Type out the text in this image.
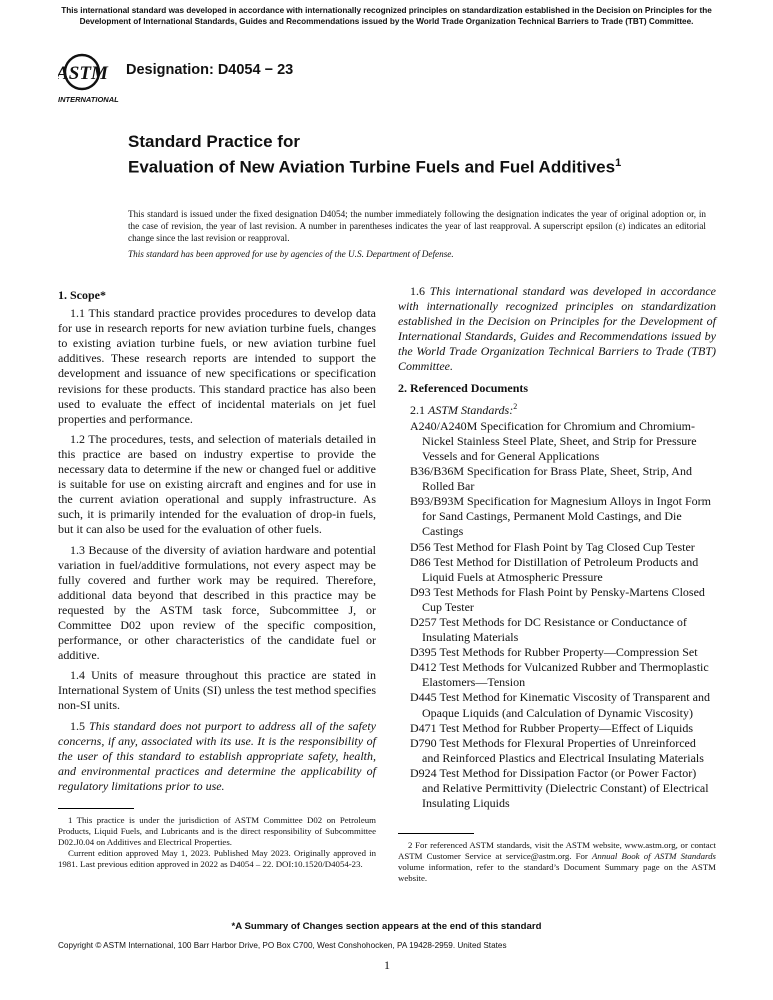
This international standard was developed in accordance with internationally recognized principles on standardization established in the Decision on Principles for the Development of International Standards, Guides and Recommendations issued by the World Trade Organization Technical Barriers to Trade (TBT) Committee.
ASTM
INTERNATIONAL
Designation: D4054 − 23
Standard Practice for
Evaluation of New Aviation Turbine Fuels and Fuel Additives$^1$
This standard is issued under the fixed designation D4054; the number immediately following the designation indicates the year of original adoption or, in the case of revision, the year of last revision. A number in parentheses indicates the year of last reapproval. A superscript epsilon (ε) indicates an editorial change since the last revision or reapproval.
This standard has been approved for use by agencies of the U.S. Department of Defense.
1. Scope*
1.1 This standard practice provides procedures to develop data for use in research reports for new aviation turbine fuels, changes to existing aviation turbine fuels, or new aviation turbine fuel additives. These research reports are intended to support the development and issuance of new specifications or specification revisions for these products. This standard practice has also been used to evaluate the effect of incidental materials on jet fuel properties and performance.
1.2 The procedures, tests, and selection of materials detailed in this practice are based on industry expertise to provide the necessary data to determine if the new or changed fuel or additive is suitable for use on existing aircraft and engines and for use in the current aviation operational and supply infrastructure. As such, it is primarily intended for the evaluation of drop-in fuels, but it can also be used for the evaluation of other fuels.
1.3 Because of the diversity of aviation hardware and potential variation in fuel/additive formulations, not every aspect may be fully covered and further work may be required. Therefore, additional data beyond that described in this practice may be requested by the ASTM task force, Subcommittee J, or Committee D02 upon review of the specific composition, performance, or other characteristics of the candidate fuel or additive.
1.4 Units of measure throughout this practice are stated in International System of Units (SI) unless the test method specifies non-SI units.
1.5 This standard does not purport to address all of the safety concerns, if any, associated with its use. It is the responsibility of the user of this standard to establish appropriate safety, health, and environmental practices and determine the applicability of regulatory limitations prior to use.
1 This practice is under the jurisdiction of ASTM Committee D02 on Petroleum Products, Liquid Fuels, and Lubricants and is the direct responsibility of Subcommittee D02.J0.04 on Additives and Electrical Properties.
Current edition approved May 1, 2023. Published May 2023. Originally approved in 1981. Last previous edition approved in 2022 as D4054 – 22. DOI:10.1520/D4054-23.
1.6 This international standard was developed in accordance with internationally recognized principles on standardization established in the Decision on Principles for the Development of International Standards, Guides and Recommendations issued by the World Trade Organization Technical Barriers to Trade (TBT) Committee.
2. Referenced Documents
2.1 ASTM Standards:$^2$
A240/A240M Specification for Chromium and Chromium-Nickel Stainless Steel Plate, Sheet, and Strip for Pressure Vessels and for General Applications
B36/B36M Specification for Brass Plate, Sheet, Strip, And Rolled Bar
B93/B93M Specification for Magnesium Alloys in Ingot Form for Sand Castings, Permanent Mold Castings, and Die Castings
D56 Test Method for Flash Point by Tag Closed Cup Tester
D86 Test Method for Distillation of Petroleum Products and Liquid Fuels at Atmospheric Pressure
D93 Test Methods for Flash Point by Pensky-Martens Closed Cup Tester
D257 Test Methods for DC Resistance or Conductance of Insulating Materials
D395 Test Methods for Rubber Property—Compression Set
D412 Test Methods for Vulcanized Rubber and Thermoplastic Elastomers—Tension
D445 Test Method for Kinematic Viscosity of Transparent and Opaque Liquids (and Calculation of Dynamic Viscosity)
D471 Test Method for Rubber Property—Effect of Liquids
D790 Test Methods for Flexural Properties of Unreinforced and Reinforced Plastics and Electrical Insulating Materials
D924 Test Method for Dissipation Factor (or Power Factor) and Relative Permittivity (Dielectric Constant) of Electrical Insulating Liquids
2 For referenced ASTM standards, visit the ASTM website, www.astm.org, or contact ASTM Customer Service at service@astm.org. For Annual Book of ASTM Standards volume information, refer to the standard’s Document Summary page on the ASTM website.
*A Summary of Changes section appears at the end of this standard
Copyright © ASTM International, 100 Barr Harbor Drive, PO Box C700, West Conshohocken, PA 19428-2959. United States
1
